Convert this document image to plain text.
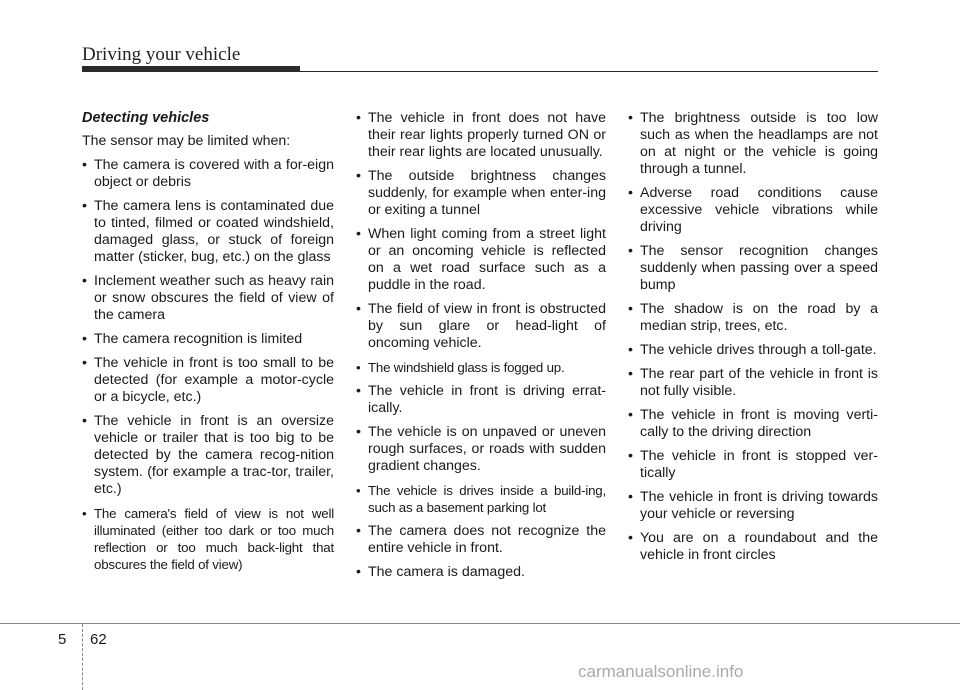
Driving your vehicle
Detecting vehicles

The sensor may be limited when:

• The camera is covered with a for-eign object or debris
• The camera lens is contaminated due to tinted, filmed or coated windshield, damaged glass, or stuck of foreign matter (sticker, bug, etc.) on the glass
• Inclement weather such as heavy rain or snow obscures the field of view of the camera
• The camera recognition is limited
• The vehicle in front is too small to be detected (for example a motor-cycle or a bicycle, etc.)
• The vehicle in front is an oversize vehicle or trailer that is too big to be detected by the camera recog-nition system. (for example a trac-tor, trailer, etc.)
• The camera's field of view is not well illuminated (either too dark or too much reflection or too much back-light that obscures the field of view)
• The vehicle in front does not have their rear lights properly turned ON or their rear lights are located unusually.
• The outside brightness changes suddenly, for example when enter-ing or exiting a tunnel
• When light coming from a street light or an oncoming vehicle is reflected on a wet road surface such as a puddle in the road.
• The field of view in front is obstructed by sun glare or head-light of oncoming vehicle.
• The windshield glass is fogged up.
• The vehicle in front is driving errat-ically.
• The vehicle is on unpaved or uneven rough surfaces, or roads with sudden gradient changes.
• The vehicle is drives inside a build-ing, such as a basement parking lot
• The camera does not recognize the entire vehicle in front.
• The camera is damaged.
• The brightness outside is too low such as when the headlamps are not on at night or the vehicle is going through a tunnel.
• Adverse road conditions cause excessive vehicle vibrations while driving
• The sensor recognition changes suddenly when passing over a speed bump
• The shadow is on the road by a median strip, trees, etc.
• The vehicle drives through a toll-gate.
• The rear part of the vehicle in front is not fully visible.
• The vehicle in front is moving verti-cally to the driving direction
• The vehicle in front is stopped ver-tically
• The vehicle in front is driving towards your vehicle or reversing
• You are on a roundabout and the vehicle in front circles
5 62
carmanualsonline.info
